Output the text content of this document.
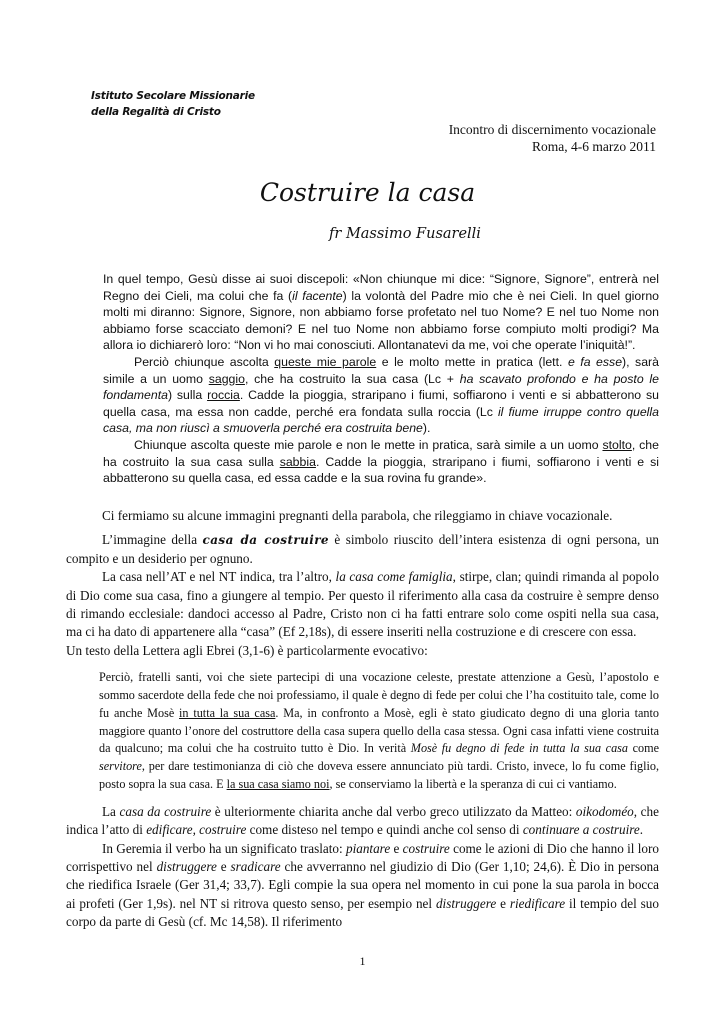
Istituto Secolare Missionarie
della Regalità di Cristo
Incontro di discernimento vocazionale
Roma, 4-6 marzo 2011
Costruire la casa
fr Massimo Fusarelli

In quel tempo, Gesù disse ai suoi discepoli: «Non chiunque mi dice: “Signore, Signore”, entrerà nel Regno dei Cieli, ma colui che fa (il facente) la volontà del Padre mio che è nei Cieli. In quel giorno molti mi diranno: Signore, Signore, non abbiamo forse profetato nel tuo Nome? E nel tuo Nome non abbiamo forse scacciato demoni? E nel tuo Nome non abbiamo forse compiuto molti prodigi? Ma allora io dichiarerò loro: “Non vi ho mai conosciuti. Allontanatevi da me, voi che operate l’iniquità!”.

Perciò chiunque ascolta queste mie parole e le molto mette in pratica (lett. e fa esse), sarà simile a un uomo saggio, che ha costruito la sua casa (Lc + ha scavato profondo e ha posto le fondamenta) sulla roccia. Cadde la pioggia, straripano i fiumi, soffiarono i venti e si abbatterono su quella casa, ma essa non cadde, perché era fondata sulla roccia (Lc il fiume irruppe contro quella casa, ma non riuscì a smuoverla perché era costruita bene).

Chiunque ascolta queste mie parole e non le mette in pratica, sarà simile a un uomo stolto, che ha costruito la sua casa sulla sabbia. Cadde la pioggia, straripano i fiumi, soffiarono i venti e si abbatterono su quella casa, ed essa cadde e la sua rovina fu grande».

Ci fermiamo su alcune immagini pregnanti della parabola, che rileggiamo in chiave vocazionale.

L’immagine della casa da costruire è simbolo riuscito dell’intera esistenza di ogni persona, un compito e un desiderio per ognuno.

La casa nell’AT e nel NT indica, tra l’altro, la casa come famiglia, stirpe, clan; quindi rimanda al popolo di Dio come sua casa, fino a giungere al tempio. Per questo il riferimento alla casa da costruire è sempre denso di rimando ecclesiale: dandoci accesso al Padre, Cristo non ci ha fatti entrare solo come ospiti nella sua casa, ma ci ha dato di appartenere alla “casa” (Ef 2,18s), di essere inseriti nella costruzione e di crescere con essa.

Un testo della Lettera agli Ebrei (3,1-6) è particolarmente evocativo:

Perciò, fratelli santi, voi che siete partecipi di una vocazione celeste, prestate attenzione a Gesù, l’apostolo e sommo sacerdote della fede che noi professiamo, il quale è degno di fede per colui che l’ha costituito tale, come lo fu anche Mosè in tutta la sua casa. Ma, in confronto a Mosè, egli è stato giudicato degno di una gloria tanto maggiore quanto l’onore del costruttore della casa supera quello della casa stessa. Ogni casa infatti viene costruita da qualcuno; ma colui che ha costruito tutto è Dio. In verità Mosè fu degno di fede in tutta la sua casa come servitore, per dare testimonianza di ciò che doveva essere annunciato più tardi. Cristo, invece, lo fu come figlio, posto sopra la sua casa. E la sua casa siamo noi, se conserviamo la libertà e la speranza di cui ci vantiamo.

La casa da costruire è ulteriormente chiarita anche dal verbo greco utilizzato da Matteo: oikodoméo, che indica l’atto di edificare, costruire come disteso nel tempo e quindi anche col senso di continuare a costruire.

In Geremia il verbo ha un significato traslato: piantare e costruire come le azioni di Dio che hanno il loro corrispettivo nel distruggere e sradicare che avverranno nel giudizio di Dio (Ger 1,10; 24,6). È Dio in persona che riedifica Israele (Ger 31,4; 33,7). Egli compie la sua opera nel momento in cui pone la sua parola in bocca ai profeti (Ger 1,9s). nel NT si ritrova questo senso, per esempio nel distruggere e riedificare il tempio del suo corpo da parte di Gesù (cf. Mc 14,58). Il riferimento

1
